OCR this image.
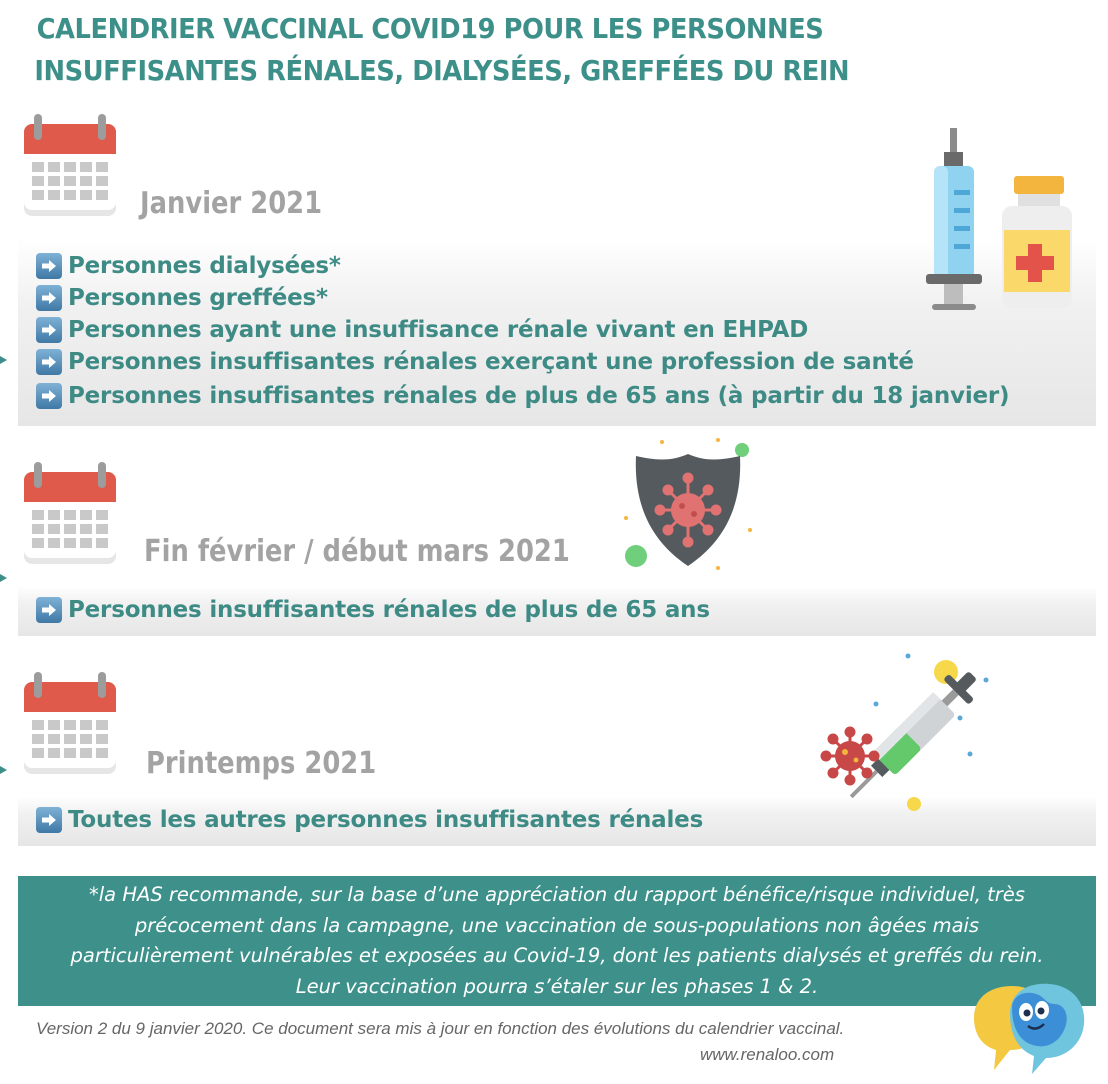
CALENDRIER VACCINAL COVID19 POUR LES PERSONNES
INSUFFISANTES RÉNALES, DIALYSÉES, GREFFÉES DU REIN
Janvier 2021
Personnes dialysées*
Personnes greffées*
Personnes ayant une insuffisance rénale vivant en EHPAD
Personnes insuffisantes rénales exerçant une profession de santé
Personnes insuffisantes rénales de plus de 65 ans (à partir du 18 janvier)
Fin février / début mars 2021
Personnes insuffisantes rénales de plus de 65 ans
Printemps 2021
Toutes les autres personnes insuffisantes rénales
*la HAS recommande, sur la base d’une appréciation du rapport bénéfice/risque individuel, très
précocement dans la campagne, une vaccination de sous-populations non âgées mais
particulièrement vulnérables et exposées au Covid-19, dont les patients dialysés et greffés du rein.
Leur vaccination pourra s’étaler sur les phases 1 & 2.
Version 2 du 9 janvier 2020. Ce document sera mis à jour en fonction des évolutions du calendrier vaccinal.
www.renaloo.com
